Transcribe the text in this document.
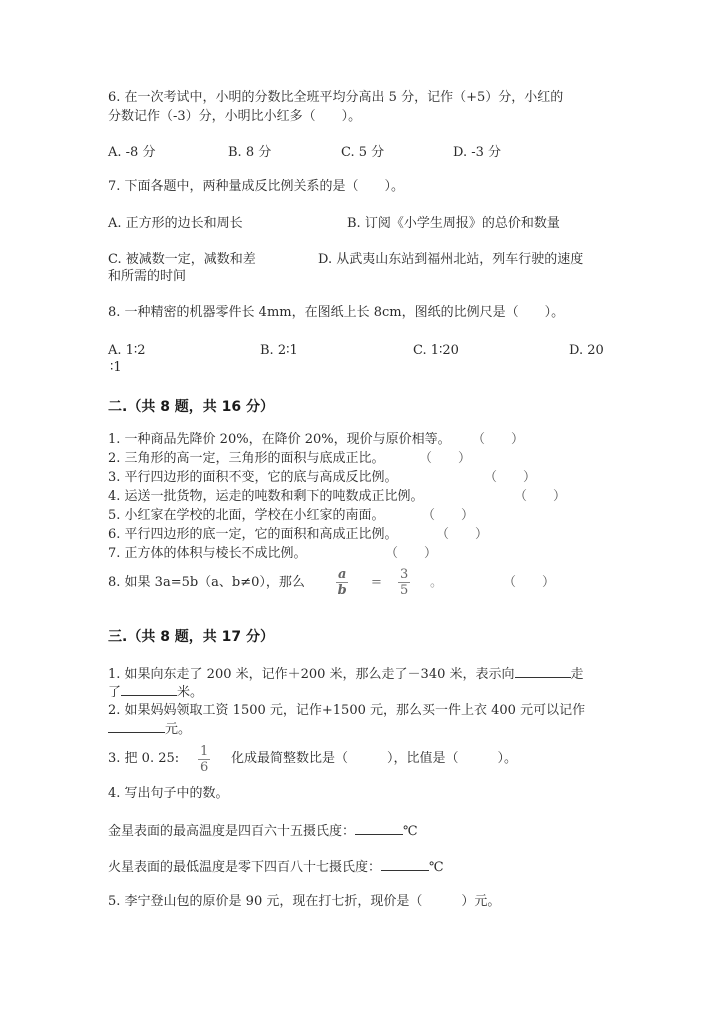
6. 在一次考试中，小明的分数比全班平均分高出 5 分，记作（+5）分，小红的
分数记作（-3）分，小明比小红多（　　）。
A. -8 分	B. 8 分	C. 5 分	D. -3 分
7. 下面各题中，两种量成反比例关系的是（　　）。
A. 正方形的边长和周长	B. 订阅《小学生周报》的总价和数量
C. 被减数一定，减数和差	D. 从武夷山东站到福州北站，列车行驶的速度
和所需的时间
8. 一种精密的机器零件长 4mm，在图纸上长 8cm，图纸的比例尺是（　　）。
A. 1∶2	B. 2∶1	C. 1∶20	D. 20
∶1
二.（共 8 题，共 16 分）
1. 一种商品先降价 20%，在降价 20%，现价与原价相等。 （　　）
2. 三角形的高一定，三角形的面积与底成正比。	（　　）
3. 平行四边形的面积不变，它的底与高成反比例。	（　　）
4. 运送一批货物，运走的吨数和剩下的吨数成正比例。	（　　）
5. 小红家在学校的北面，学校在小红家的南面。	（　　）
6. 平行四边形的底一定，它的面积和高成正比例。	（　　）
7. 正方体的体积与棱长不成比例。	（　　）
8. 如果 3a=5b（a、b≠0），那么 $\frac{a}{b} = \frac{3}{5}$ 。	（　　）
三.（共 8 题，共 17 分）
1. 如果向东走了 200 米，记作＋200 米，那么走了－340 米，表示向	走
了	米。
2. 如果妈妈领取工资 1500 元，记作+1500 元，那么买一件上衣 400 元可以记作
元。
3. 把 0. 25: $\frac{1}{6}$ 化成最简整数比是（　　　），比值是（　　　）。
4. 写出句子中的数。
金星表面的最高温度是四百六十五摄氏度：	℃
火星表面的最低温度是零下四百八十七摄氏度：	℃
5. 李宁登山包的原价是 90 元，现在打七折，现价是（　　　）元。
